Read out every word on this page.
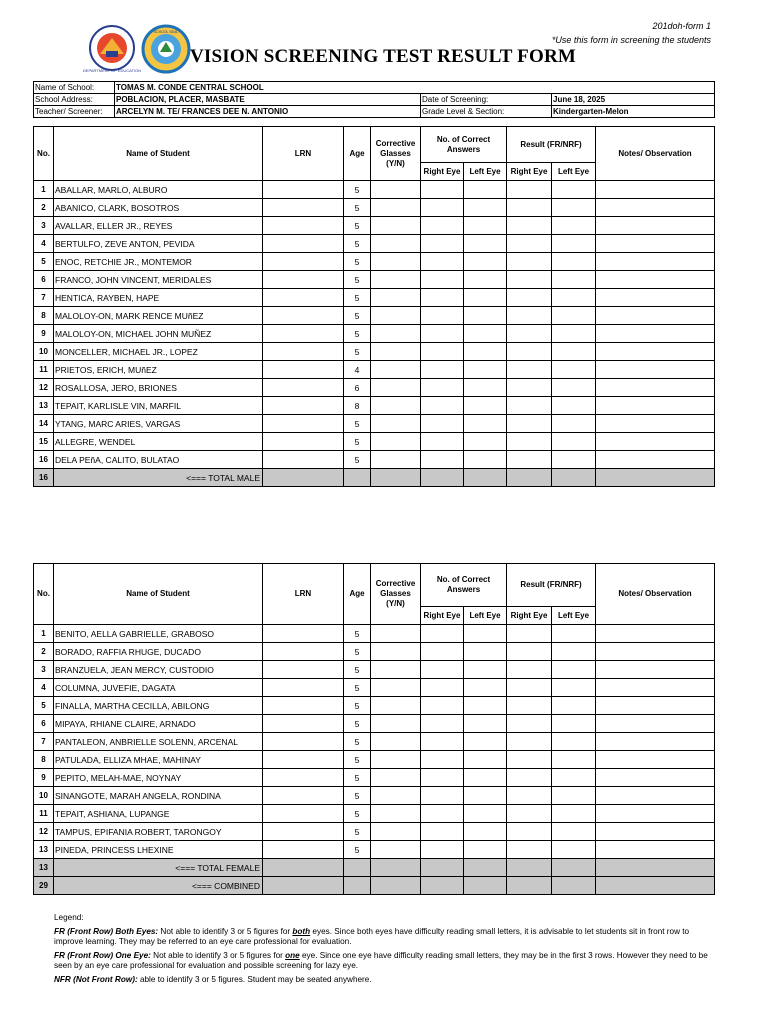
201doh-form 1
*Use this form in screening the students
DEPARTMENT OF EDUCATION
SCHOOL SEAL
VISION SCREENING TEST RESULT FORM
Name of School:	TOMAS M. CONDE CENTRAL SCHOOL		
School Address:	POBLACION, PLACER, MASBATE	Date of Screening:	June 18, 2025
Teacher/ Screener:	ARCELYN M. TE/ FRANCES DEE N. ANTONIO	Grade Level & Section:	Kindergarten-Melon
No.	Name of Student	LRN	Age	Corrective Glasses (Y/N)	No. of Correct Answers		Result (FR/NRF)		Notes/ Observation
					Right Eye	Left Eye	Right Eye	Left Eye	
1	ABALLAR, MARLO, ALBURO		5						
2	ABANICO, CLARK, BOSOTROS		5						
3	AVALLAR, ELLER JR., REYES		5						
4	BERTULFO, ZEVE ANTON, PEVIDA		5						
5	ENOC, RETCHIE JR., MONTEMOR		5						
6	FRANCO, JOHN VINCENT, MERIDALES		5						
7	HENTICA, RAYBEN, HAPE		5						
8	MALOLOY-ON, MARK RENCE MUñEZ		5						
9	MALOLOY-ON, MICHAEL JOHN MUÑEZ		5						
10	MONCELLER, MICHAEL JR., LOPEZ		5						
11	PRIETOS, ERICH, MUñEZ		4						
12	ROSALLOSA, JERO, BRIONES		6						
13	TEPAIT, KARLISLE VIN, MARFIL		8						
14	YTANG, MARC ARIES, VARGAS		5						
15	ALLEGRE, WENDEL		5						
16	DELA PEñA, CALITO, BULATAO		5						
16	<=== TOTAL MALE								
No.	Name of Student	LRN	Age	Corrective Glasses (Y/N)	No. of Correct Answers		Result (FR/NRF)		Notes/ Observation
					Right Eye	Left Eye	Right Eye	Left Eye	
1	BENITO, AELLA GABRIELLE, GRABOSO		5						
2	BORADO, RAFFIA RHUGE, DUCADO		5						
3	BRANZUELA, JEAN MERCY, CUSTODIO		5						
4	COLUMNA, JUVEFIE, DAGATA		5						
5	FINALLA, MARTHA CECILLA, ABILONG		5						
6	MIPAYA, RHIANE CLAIRE, ARNADO		5						
7	PANTALEON, ANBRIELLE SOLENN, ARCENAL		5						
8	PATULADA, ELLIZA MHAE, MAHINAY		5						
9	PEPITO, MELAH-MAE, NOYNAY		5						
10	SINANGOTE, MARAH ANGELA, RONDINA		5						
11	TEPAIT, ASHIANA, LUPANGE		5						
12	TAMPUS, EPIFANIA ROBERT, TARONGOY		5						
13	PINEDA, PRINCESS LHEXINE		5						
13	<=== TOTAL FEMALE								
29	<=== COMBINED								

Legend:

FR (Front Row) Both Eyes: Not able to identify 3 or 5 figures for both eyes. Since both eyes have difficulty reading small letters, it is advisable to let students sit in front row to improve learning. They may be referred to an eye care professional for evaluation.

FR (Front Row) One Eye: Not able to identify 3 or 5 figures for one eye. Since one eye have difficulty reading small letters, they may be in the first 3 rows. However they need to be seen by an eye care professional for evaluation and possible screening for lazy eye.

NFR (Not Front Row): able to identify 3 or 5 figures. Student may be seated anywhere.
